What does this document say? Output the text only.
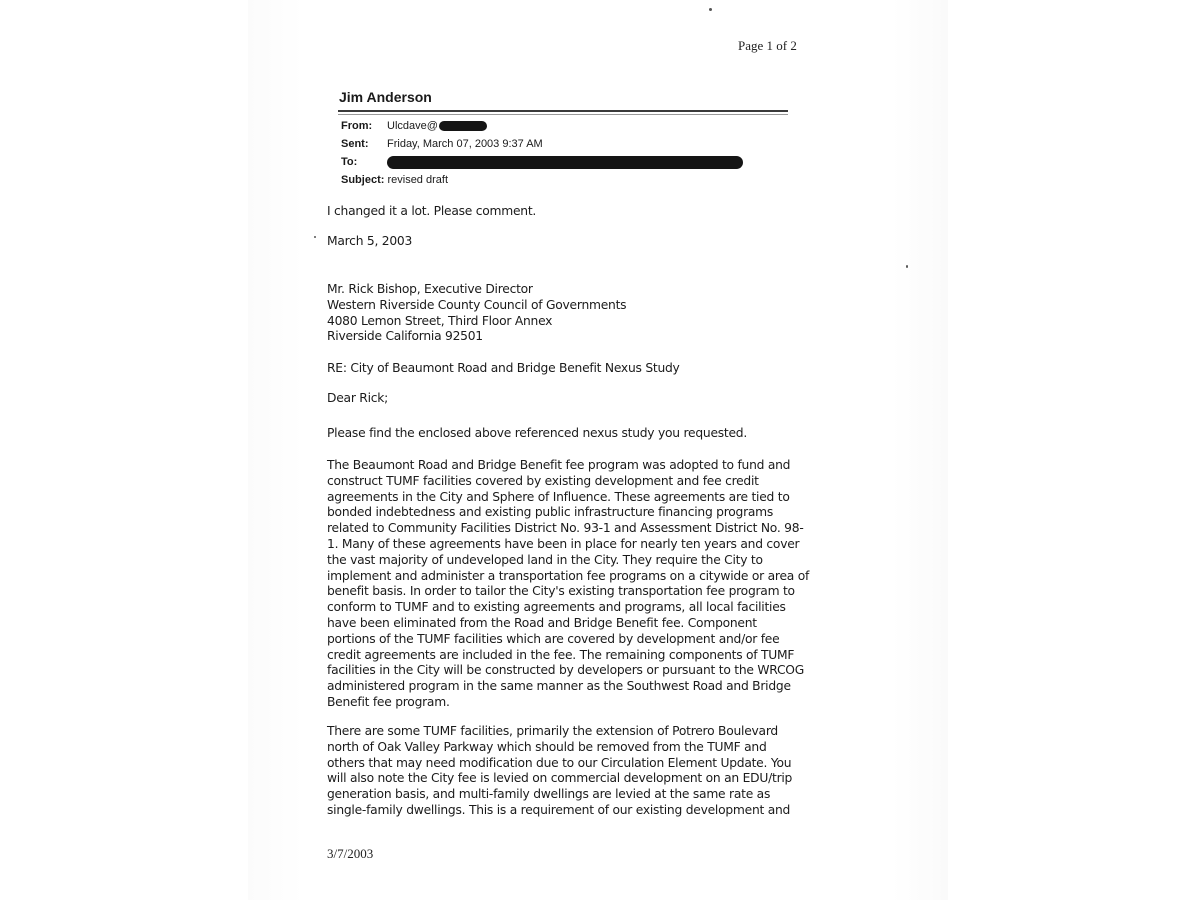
Page 1 of 2
Jim Anderson
From: Ulcdave@
Sent: Friday, March 07, 2003 9:37 AM
To:
Subject: revised draft
I changed it a lot. Please comment.
March 5, 2003
Mr. Rick Bishop, Executive Director
Western Riverside County Council of Governments
4080 Lemon Street, Third Floor Annex
Riverside California 92501
RE: City of Beaumont Road and Bridge Benefit Nexus Study
Dear Rick;
Please find the enclosed above referenced nexus study you requested.
The Beaumont Road and Bridge Benefit fee program was adopted to fund and
construct TUMF facilities covered by existing development and fee credit
agreements in the City and Sphere of Influence. These agreements are tied to
bonded indebtedness and existing public infrastructure financing programs
related to Community Facilities District No. 93-1 and Assessment District No. 98-
1. Many of these agreements have been in place for nearly ten years and cover
the vast majority of undeveloped land in the City. They require the City to
implement and administer a transportation fee programs on a citywide or area of
benefit basis. In order to tailor the City's existing transportation fee program to
conform to TUMF and to existing agreements and programs, all local facilities
have been eliminated from the Road and Bridge Benefit fee. Component
portions of the TUMF facilities which are covered by development and/or fee
credit agreements are included in the fee. The remaining components of TUMF
facilities in the City will be constructed by developers or pursuant to the WRCOG
administered program in the same manner as the Southwest Road and Bridge
Benefit fee program.
There are some TUMF facilities, primarily the extension of Potrero Boulevard
north of Oak Valley Parkway which should be removed from the TUMF and
others that may need modification due to our Circulation Element Update. You
will also note the City fee is levied on commercial development on an EDU/trip
generation basis, and multi-family dwellings are levied at the same rate as
single-family dwellings. This is a requirement of our existing development and
3/7/2003
